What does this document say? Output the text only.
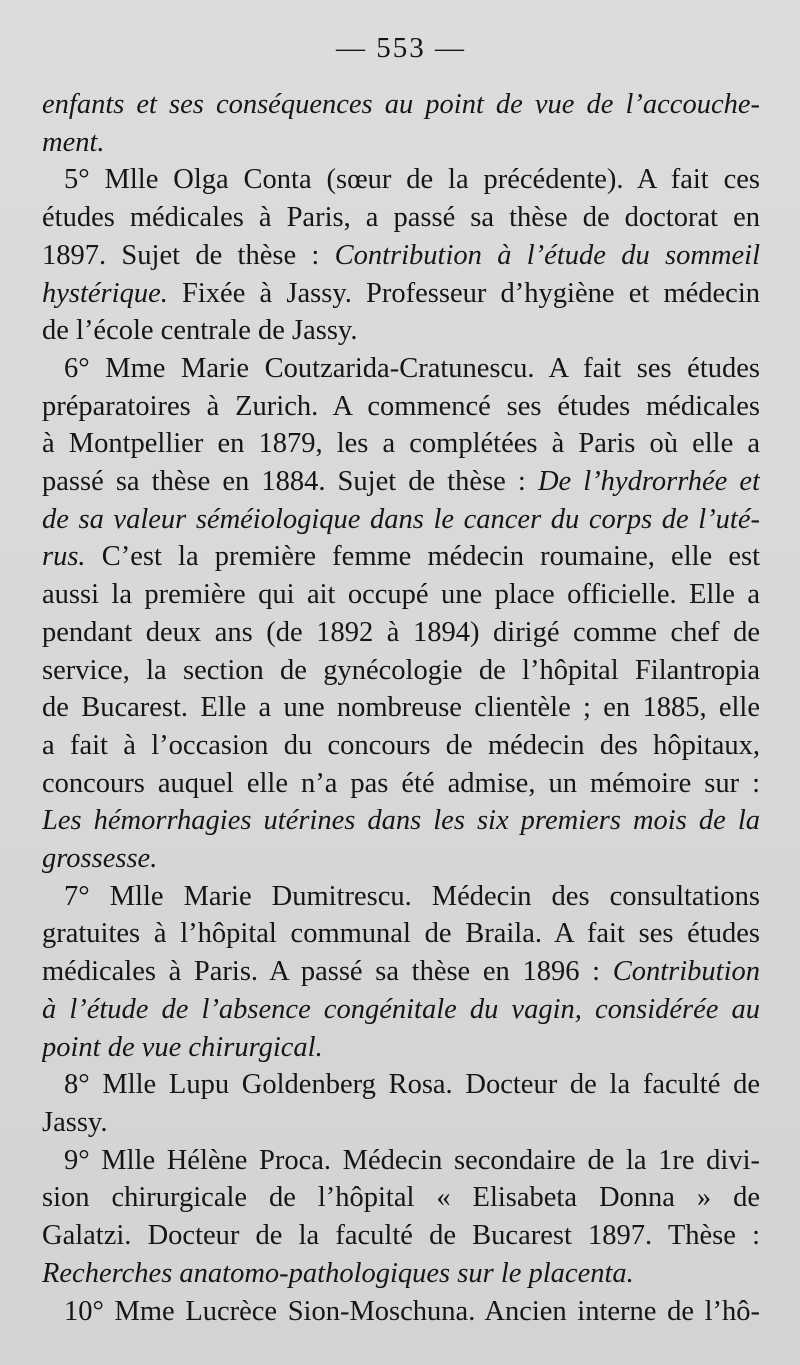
— 553 —
enfants et ses conséquences au point de vue de l’accouche-
ment.
5° Mlle Olga Conta (sœur de la précédente). A fait ces
études médicales à Paris, a passé sa thèse de doctorat en
1897. Sujet de thèse : Contribution à l’étude du sommeil
hystérique. Fixée à Jassy. Professeur d’hygiène et médecin
de l’école centrale de Jassy.
6° Mme Marie Coutzarida-Cratunescu. A fait ses études
préparatoires à Zurich. A commencé ses études médicales
à Montpellier en 1879, les a complétées à Paris où elle a
passé sa thèse en 1884. Sujet de thèse : De l’hydrorrhée et
de sa valeur séméiologique dans le cancer du corps de l’uté-
rus. C’est la première femme médecin roumaine, elle est
aussi la première qui ait occupé une place officielle. Elle a
pendant deux ans (de 1892 à 1894) dirigé comme chef de
service, la section de gynécologie de l’hôpital Filantropia
de Bucarest. Elle a une nombreuse clientèle ; en 1885, elle
a fait à l’occasion du concours de médecin des hôpitaux,
concours auquel elle n’a pas été admise, un mémoire sur :
Les hémorrhagies utérines dans les six premiers mois de la
grossesse.
7° Mlle Marie Dumitrescu. Médecin des consultations
gratuites à l’hôpital communal de Braila. A fait ses études
médicales à Paris. A passé sa thèse en 1896 : Contribution
à l’étude de l’absence congénitale du vagin, considérée au
point de vue chirurgical.
8° Mlle Lupu Goldenberg Rosa. Docteur de la faculté de
Jassy.
9° Mlle Hélène Proca. Médecin secondaire de la 1re divi-
sion chirurgicale de l’hôpital « Elisabeta Donna » de
Galatzi. Docteur de la faculté de Bucarest 1897. Thèse :
Recherches anatomo-pathologiques sur le placenta.
10° Mme Lucrèce Sion-Moschuna. Ancien interne de l’hô-
